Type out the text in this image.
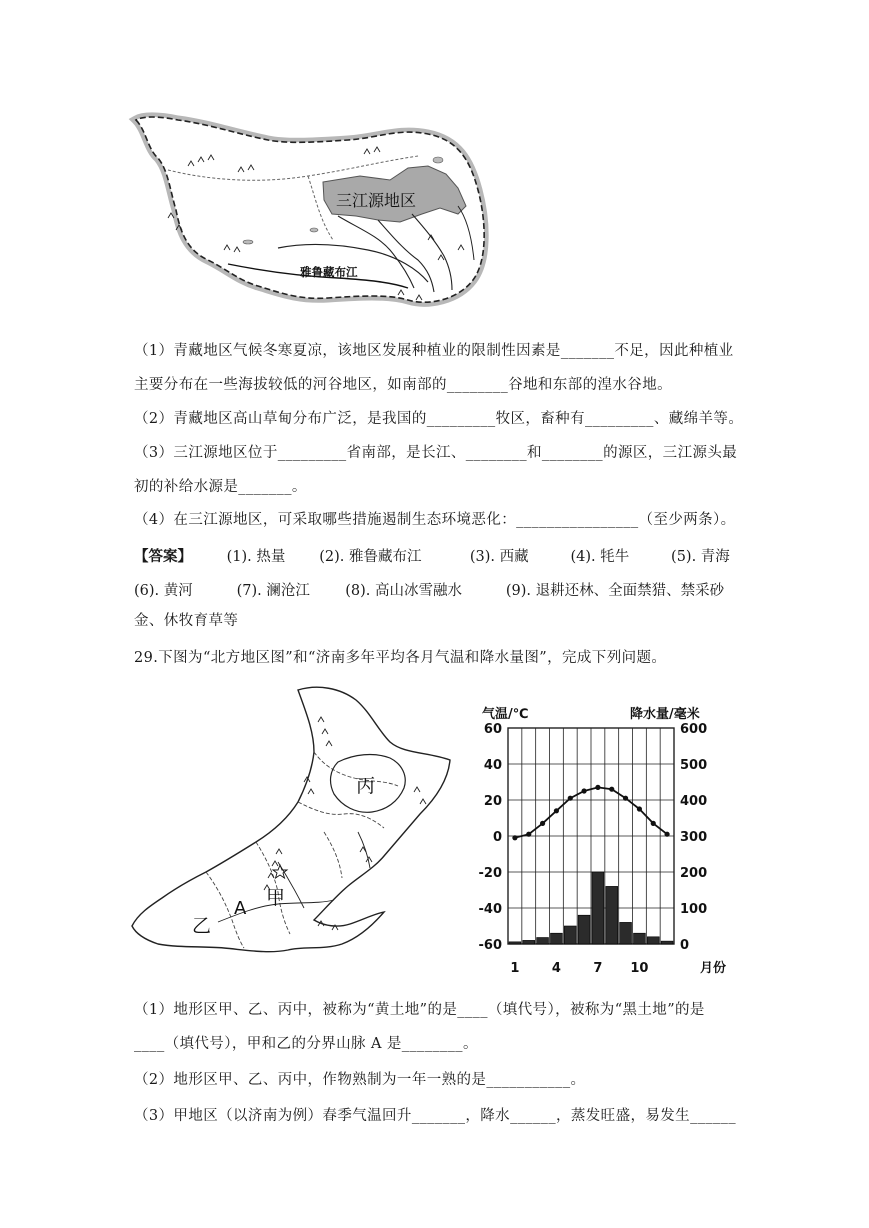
三江源地区
雅鲁藏布江
（1）青藏地区气候冬寒夏凉，该地区发展种植业的限制性因素是_______不足，因此种植业
主要分布在一些海拔较低的河谷地区，如南部的________谷地和东部的湟水谷地。
（2）青藏地区高山草甸分布广泛，是我国的_________牧区，畜种有_________、藏绵羊等。
（3）三江源地区位于_________省南部，是长江、________和________的源区，三江源头最
初的补给水源是_______。
（4）在三江源地区，可采取哪些措施遏制生态环境恶化：________________（至少两条）。
【答案】 (1). 热量 (2). 雅鲁藏布江	(3). 西藏	(4). 牦牛	(5). 青海
(6). 黄河	(7). 澜沧江 (8). 高山冰雪融水	(9). 退耕还林、全面禁猎、禁采砂
金、休牧育草等
29.下图为“北方地区图”和“济南多年平均各月气温和降水量图”，完成下列问题。
丙
甲
乙
A
气温/℃	降水量/毫米
60
40
20
0
-20
-40
-60
600
500
400
300
200
100
0
1 4 7 10	月份
（1）地形区甲、乙、丙中，被称为“黄土地”的是____（填代号），被称为“黑土地”的是
____（填代号），甲和乙的分界山脉 A 是________。
（2）地形区甲、乙、丙中，作物熟制为一年一熟的是___________。
（3）甲地区（以济南为例）春季气温回升_______，降水______，蒸发旺盛，易发生______
